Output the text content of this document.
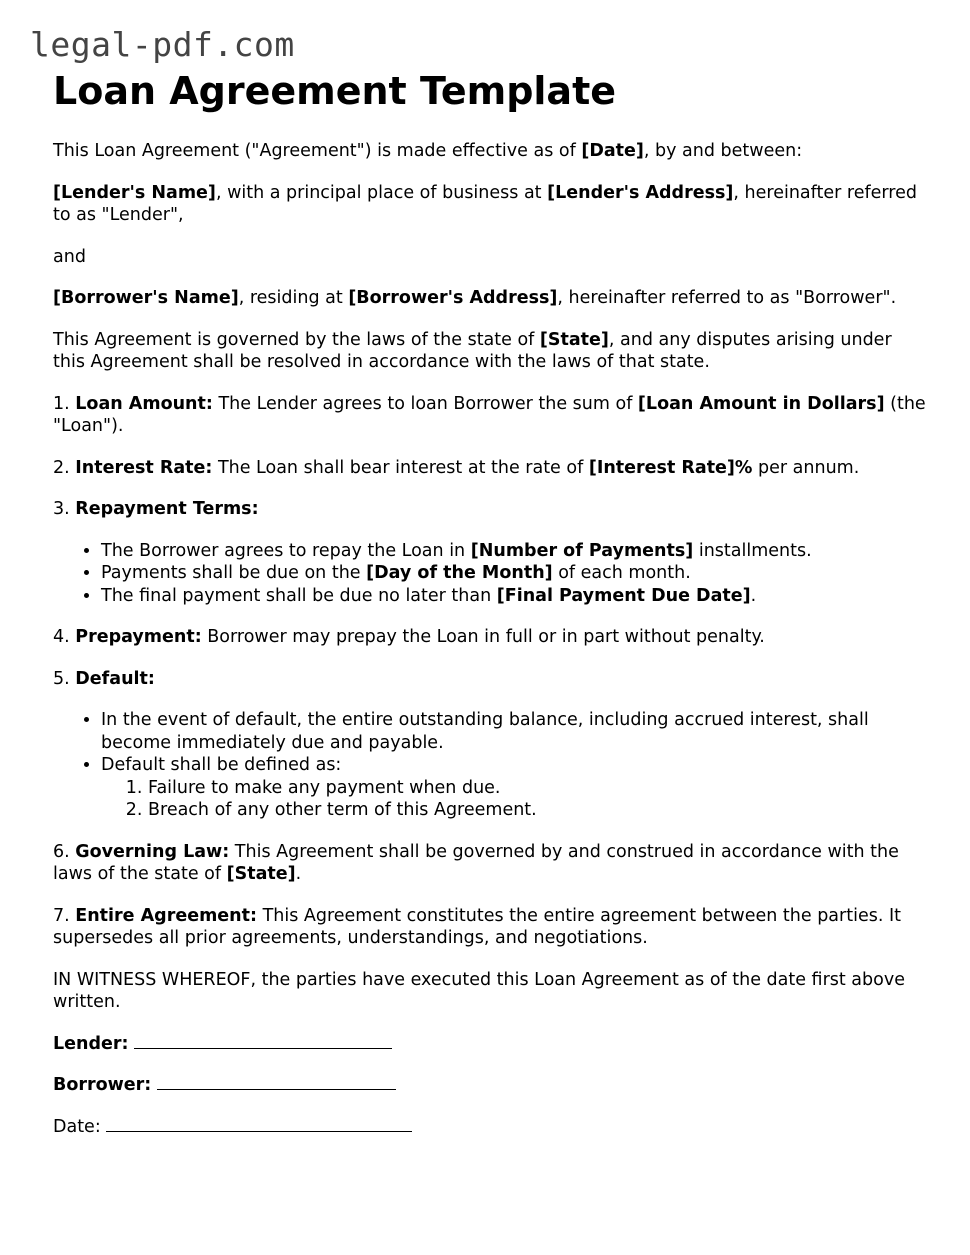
legal-pdf.com
Loan Agreement Template

This Loan Agreement ("Agreement") is made effective as of [Date], by and between:

[Lender's Name], with a principal place of business at [Lender's Address], hereinafter referred to as "Lender",

and

[Borrower's Name], residing at [Borrower's Address], hereinafter referred to as "Borrower".

This Agreement is governed by the laws of the state of [State], and any disputes arising under this Agreement shall be resolved in accordance with the laws of that state.

1. Loan Amount: The Lender agrees to loan Borrower the sum of [Loan Amount in Dollars] (the "Loan").

2. Interest Rate: The Loan shall bear interest at the rate of [Interest Rate]% per annum.

3. Repayment Terms:

• The Borrower agrees to repay the Loan in [Number of Payments] installments.
• Payments shall be due on the [Day of the Month] of each month.
• The final payment shall be due no later than [Final Payment Due Date].

4. Prepayment: Borrower may prepay the Loan in full or in part without penalty.

5. Default:

• In the event of default, the entire outstanding balance, including accrued interest, shall become immediately due and payable.
• Default shall be defined as:
1. Failure to make any payment when due.
2. Breach of any other term of this Agreement.

6. Governing Law: This Agreement shall be governed by and construed in accordance with the laws of the state of [State].

7. Entire Agreement: This Agreement constitutes the entire agreement between the parties. It supersedes all prior agreements, understandings, and negotiations.

IN WITNESS WHEREOF, the parties have executed this Loan Agreement as of the date first above written.

Lender:

Borrower:

Date:
